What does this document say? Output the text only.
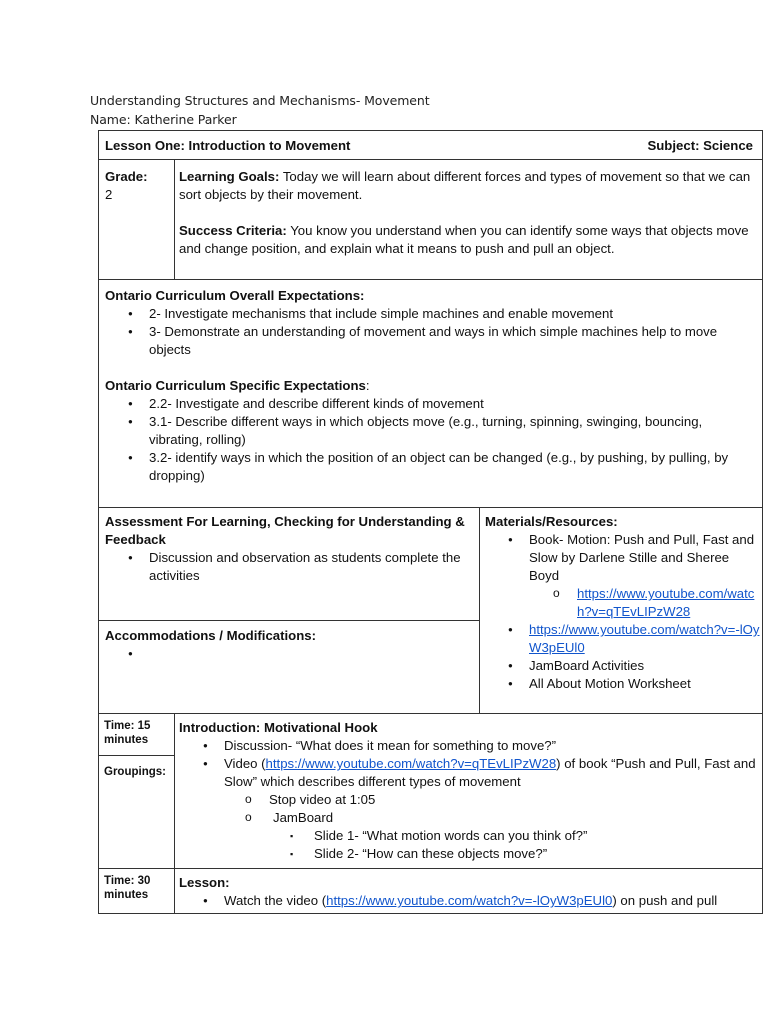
Understanding Structures and Mechanisms- Movement
Name: Katherine Parker
Lesson One: Introduction to Movement	Subject: Science
Grade:
2
Learning Goals: Today we will learn about different forces and types of movement so that we can sort objects by their movement.
Success Criteria: You know you understand when you can identify some ways that objects move and change position, and explain what it means to push and pull an object.
Ontario Curriculum Overall Expectations:
● 2- Investigate mechanisms that include simple machines and enable movement
● 3- Demonstrate an understanding of movement and ways in which simple machines help to move objects
Ontario Curriculum Specific Expectations:
● 2.2- Investigate and describe different kinds of movement
● 3.1- Describe different ways in which objects move (e.g., turning, spinning, swinging, bouncing, vibrating, rolling)
● 3.2- identify ways in which the position of an object can be changed (e.g., by pushing, by pulling, by dropping)
Assessment For Learning, Checking for Understanding & Feedback
● Discussion and observation as students complete the activities
Accommodations / Modifications:
●
Materials/Resources:
● Book- Motion: Push and Pull, Fast and Slow by Darlene Stille and Sheree Boyd
o https://www.youtube.com/watch?v=qTEvLIPzW28
● https://www.youtube.com/watch?v=-lOyW3pEUl0
● JamBoard Activities
● All About Motion Worksheet
Time: 15 minutes
Groupings:
Introduction: Motivational Hook
● Discussion- “What does it mean for something to move?”
● Video (https://www.youtube.com/watch?v=qTEvLIPzW28) of book “Push and Pull, Fast and Slow” which describes different types of movement
o Stop video at 1:05
o JamBoard
▪ Slide 1- “What motion words can you think of?”
▪ Slide 2- “How can these objects move?”
Time: 30 minutes
Lesson:
● Watch the video (https://www.youtube.com/watch?v=-lOyW3pEUl0) on push and pull
